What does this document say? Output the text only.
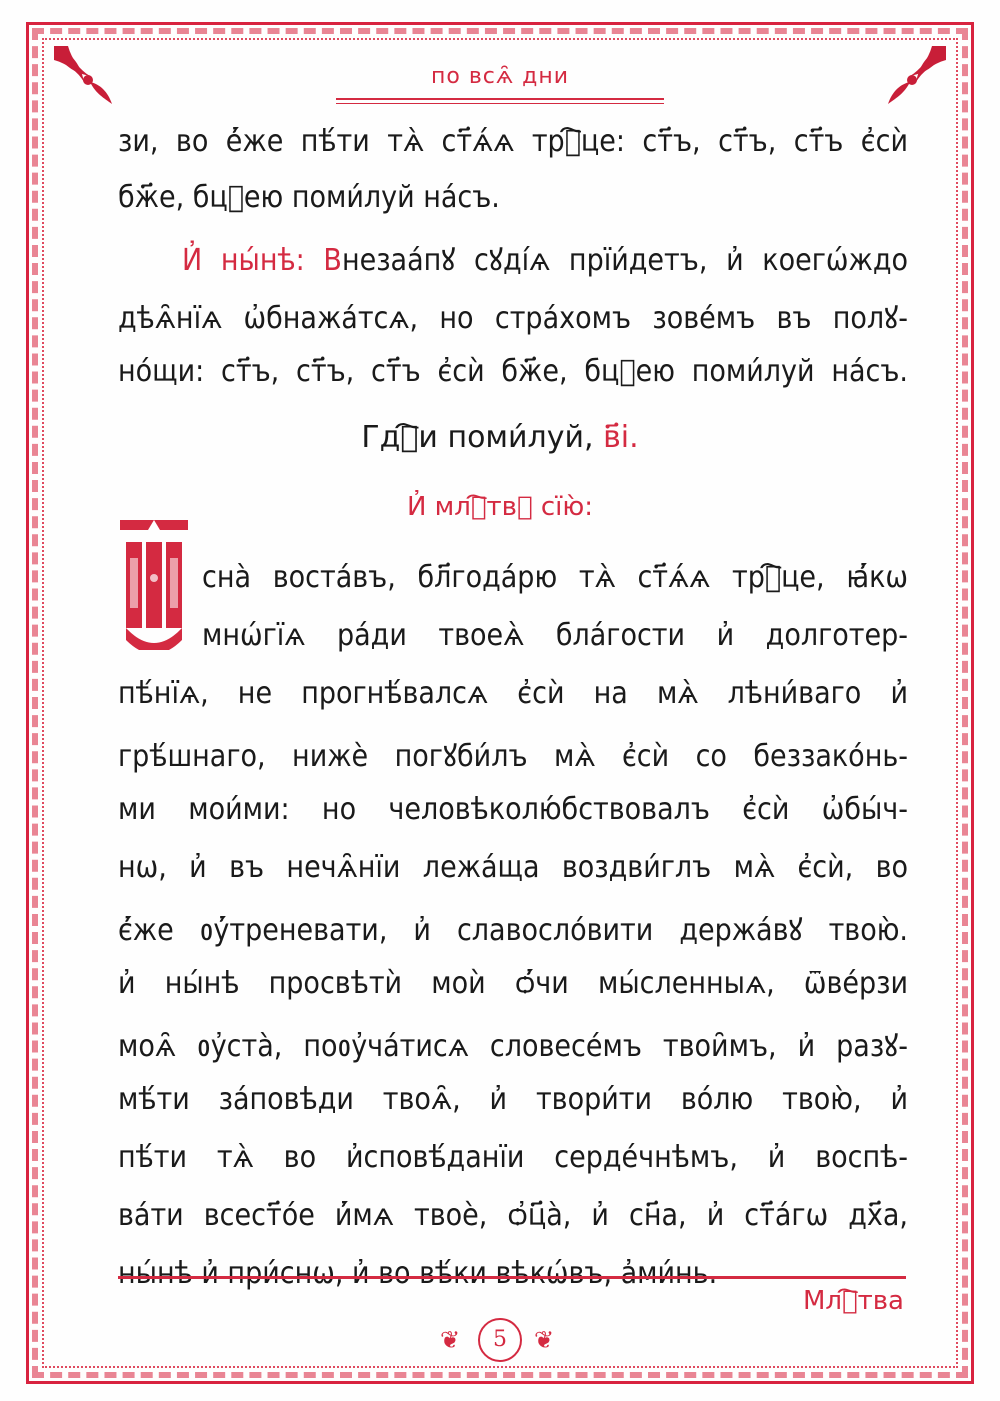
по всѧ̑ дни
зи, во е҆́же пѣ́ти тѧ̀ ст҃ѧ́ѧ трⷪ҇це: ст҃ъ, ст҃ъ, ст҃ъ є҆сѝ
бж҃е, бцⷣею поми́луй на́съ.
И҆ ны́нѣ: Внезаа́пꙋ сꙋді́ѧ прїи́детъ, и҆ коегѡ́ждо
дѣѧ̑нїѧ ѡ҆бнажа́тсѧ, но стра́хомъ зове́мъ въ полꙋ-
но́щи: ст҃ъ, ст҃ъ, ст҃ъ є҆сѝ бж҃е, бцⷣею поми́луй на́съ.
Гдⷭ҇и поми́луй, в҃і.
И҆ млⷭ҇твꙋ сїю̀:
сна̀ воста́въ, бл҃года́рю тѧ̀ ст҃ѧ́ѧ трⷪ҇це, ꙗ҆́кѡ
мнѡ́гїѧ ра́ди твоеѧ̀ бла́гости и҆ долготер-
пѣ́нїѧ, не прогнѣ́валсѧ є҆сѝ на мѧ̀ лѣни́ваго и҆
грѣ́шнаго, нижѐ погꙋби́лъ мѧ̀ є҆сѝ со беззако́нь-
ми мои́ми: но человѣколю́бствовалъ є҆сѝ ѡ҆бы́ч-
нѡ, и҆ въ нечѧ̑нїи лежа́ща воздви́глъ мѧ̀ є҆сѝ, во
є҆́же ᲂу҆́треневати, и҆ славосло́вити держа́вꙋ твою̀.
и҆ ны́нѣ просвѣтѝ моѝ ѻ҆́чи мы́сленныѧ, ѿве́рзи
моѧ̑ ᲂу҆ста̀, поᲂу҆ча́тисѧ словесе́мъ твои̑мъ, и҆ разꙋ-
мѣ́ти за́повѣди твоѧ̑, и҆ твори́ти во́лю твою̀, и҆
пѣ́ти тѧ̀ во и҆сповѣ́данїи серде́чнѣмъ, и҆ воспѣ-
ва́ти всест҃о́е и҆́мѧ твоѐ, ѻ҆ц҃а̀, и҆ сн҃а, и҆ ст҃а́гѡ дх҃а,
ны́нѣ и҆ при́снѡ, и҆ во вѣ́ки вѣкѡ́въ, а҆ми́нь.
Млⷭ҇тва
❦	5	❦
